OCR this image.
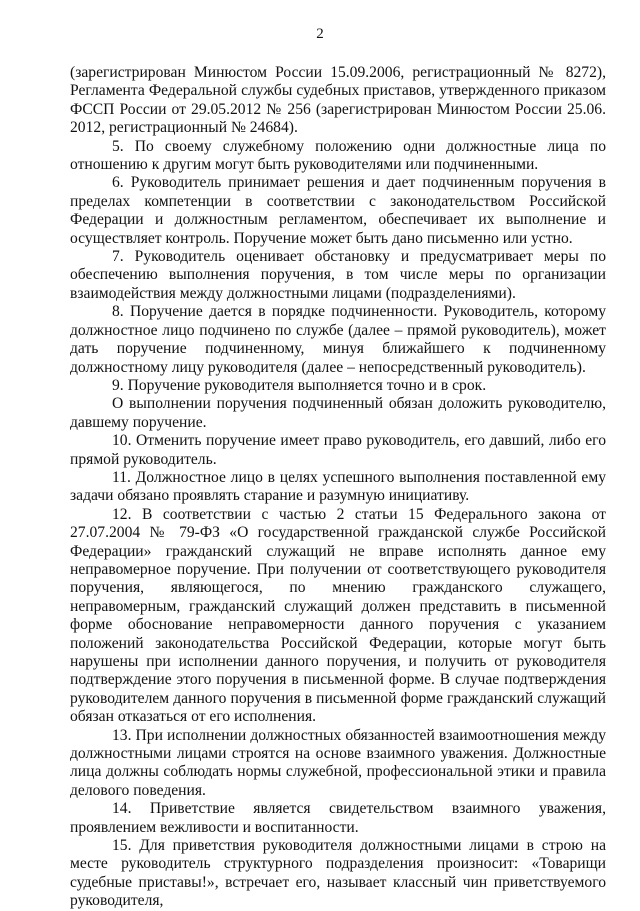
2

(зарегистрирован Минюстом России 15.09.2006, регистрационный № 8272), Регламента Федеральной службы судебных приставов, утвержденного приказом ФССП России от 29.05.2012 № 256 (зарегистрирован Минюстом России 25.06. 2012, регистрационный № 24684).

5. По своему служебному положению одни должностные лица по отношению к другим могут быть руководителями или подчиненными.

6. Руководитель принимает решения и дает подчиненным поручения в пределах компетенции в соответствии с законодательством Российской Федерации и должностным регламентом, обеспечивает их выполнение и осуществляет контроль. Поручение может быть дано письменно или устно.

7. Руководитель оценивает обстановку и предусматривает меры по обеспечению выполнения поручения, в том числе меры по организации взаимодействия между должностными лицами (подразделениями).

8. Поручение дается в порядке подчиненности. Руководитель, которому должностное лицо подчинено по службе (далее – прямой руководитель), может дать поручение подчиненному, минуя ближайшего к подчиненному должностному лицу руководителя (далее – непосредственный руководитель).

9. Поручение руководителя выполняется точно и в срок.

О выполнении поручения подчиненный обязан доложить руководителю, давшему поручение.

10. Отменить поручение имеет право руководитель, его давший, либо его прямой руководитель.

11. Должностное лицо в целях успешного выполнения поставленной ему задачи обязано проявлять старание и разумную инициативу.

12. В соответствии с частью 2 статьи 15 Федерального закона от 27.07.2004 № 79-ФЗ «О государственной гражданской службе Российской Федерации» гражданский служащий не вправе исполнять данное ему неправомерное поручение. При получении от соответствующего руководителя поручения, являющегося, по мнению гражданского служащего, неправомерным, гражданский служащий должен представить в письменной форме обоснование неправомерности данного поручения с указанием положений законодательства Российской Федерации, которые могут быть нарушены при исполнении данного поручения, и получить от руководителя подтверждение этого поручения в письменной форме. В случае подтверждения руководителем данного поручения в письменной форме гражданский служащий обязан отказаться от его исполнения.

13. При исполнении должностных обязанностей взаимоотношения между должностными лицами строятся на основе взаимного уважения. Должностные лица должны соблюдать нормы служебной, профессиональной этики и правила делового поведения.

14. Приветствие является свидетельством взаимного уважения, проявлением вежливости и воспитанности.

15. Для приветствия руководителя должностными лицами в строю на месте руководитель структурного подразделения произносит: «Товарищи судебные приставы!», встречает его, называет классный чин приветствуемого руководителя,
